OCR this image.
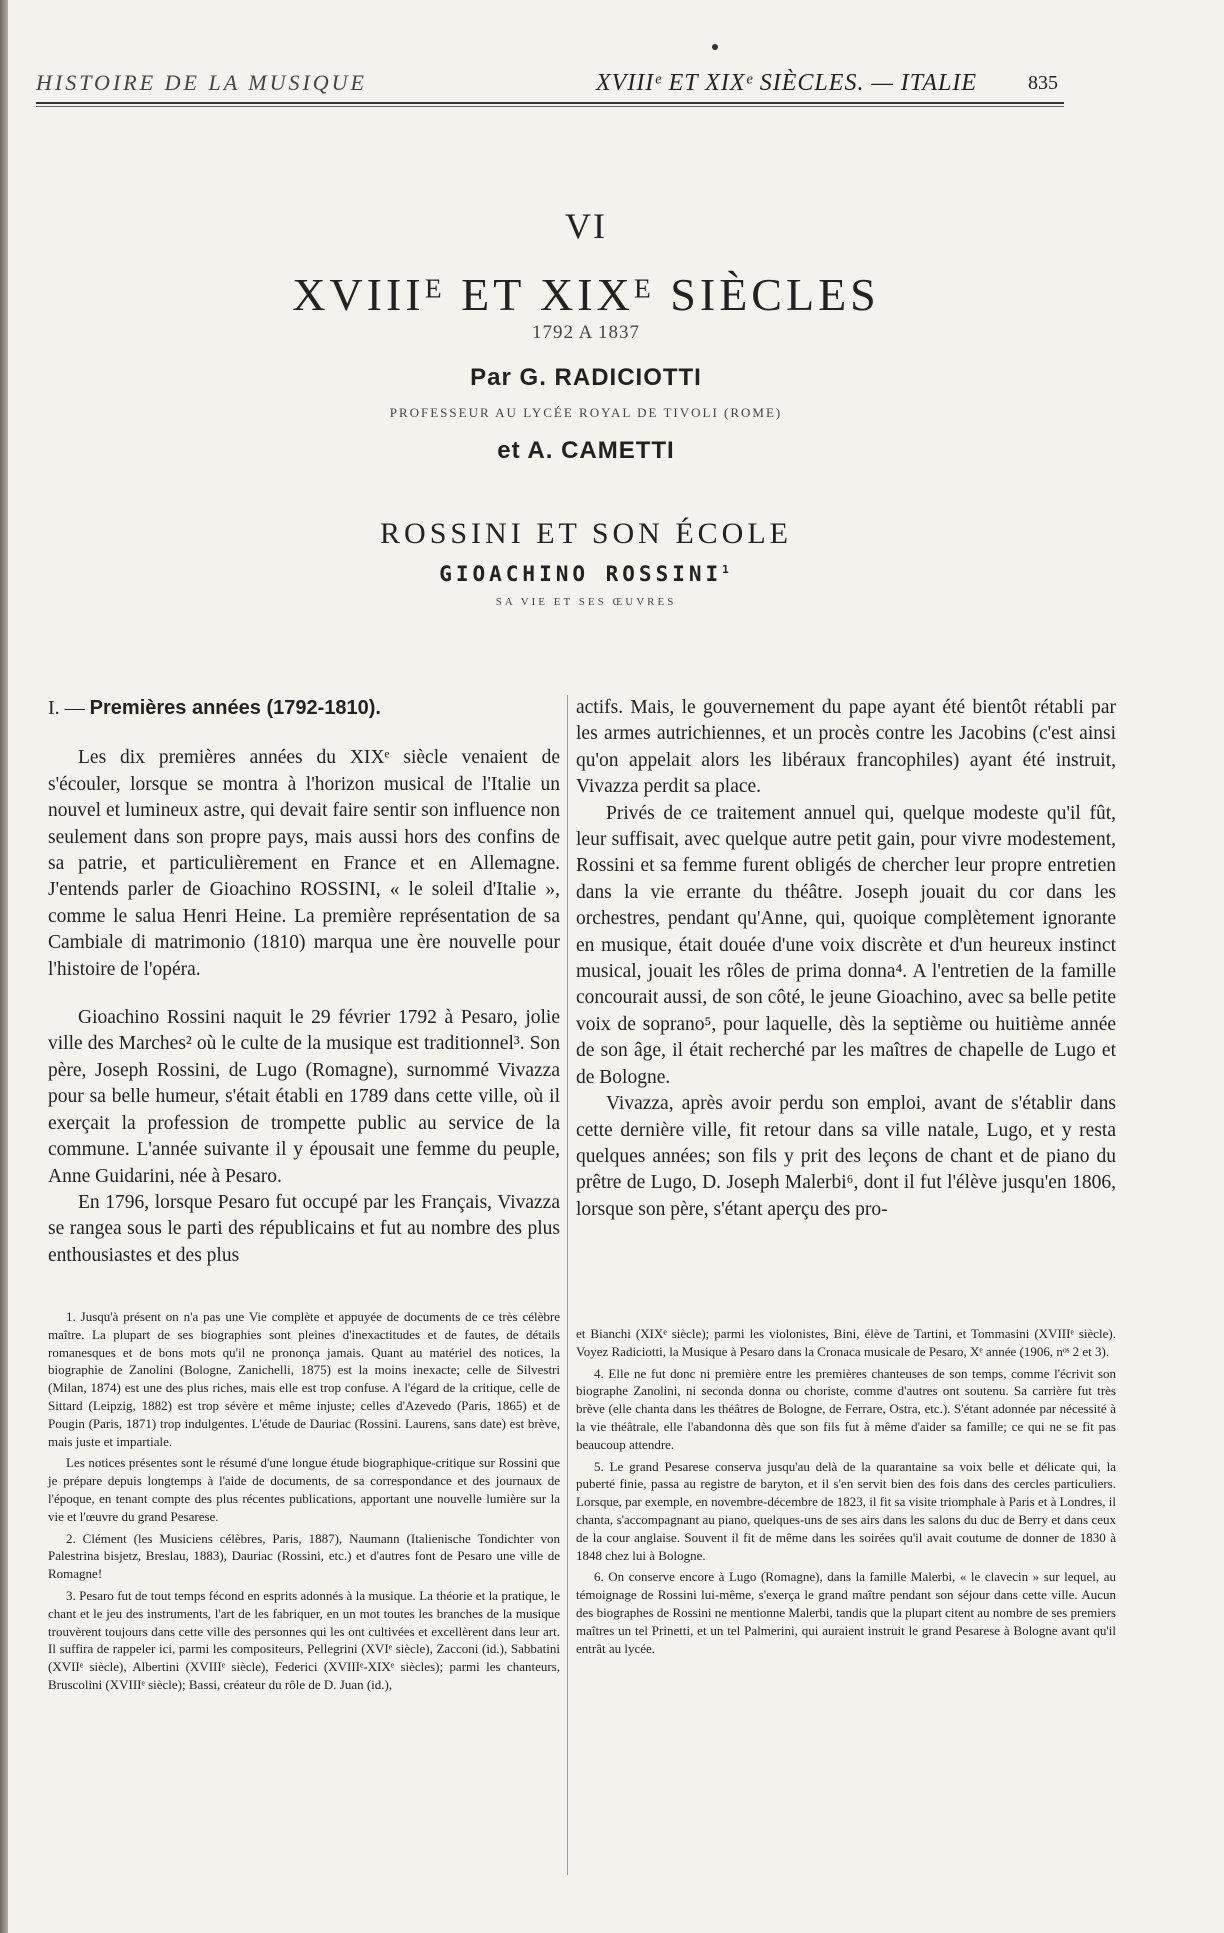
HISTOIRE DE LA MUSIQUE	XVIIIᵉ ET XIXᵉ SIÈCLES. — ITALIE	835
VI
XVIIIᴱ ET XIXᴱ SIÈCLES
1792 A 1837
Par G. RADICIOTTI
PROFESSEUR AU LYCÉE ROYAL DE TIVOLI (ROME)
et A. CAMETTI
ROSSINI ET SON ÉCOLE
GIOACHINO ROSSINI$^1$
SA VIE ET SES ŒUVRES
I. — Premières années (1792-1810).

Les dix premières années du XIXᵉ siècle venaient de s'écouler, lorsque se montra à l'horizon musical de l'Italie un nouvel et lumineux astre, qui devait faire sentir son influence non seulement dans son propre pays, mais aussi hors des confins de sa patrie, et particulièrement en France et en Allemagne. J'entends parler de Gioachino ROSSINI, « le soleil d'Italie », comme le salua Henri Heine. La première représentation de sa Cambiale di matrimonio (1810) marqua une ère nouvelle pour l'histoire de l'opéra.

Gioachino Rossini naquit le 29 février 1792 à Pesaro, jolie ville des Marches² où le culte de la musique est traditionnel³. Son père, Joseph Rossini, de Lugo (Romagne), surnommé Vivazza pour sa belle humeur, s'était établi en 1789 dans cette ville, où il exerçait la profession de trompette public au service de la commune. L'année suivante il y épousait une femme du peuple, Anne Guidarini, née à Pesaro.

En 1796, lorsque Pesaro fut occupé par les Français, Vivazza se rangea sous le parti des républicains et fut au nombre des plus enthousiastes et des plus

actifs. Mais, le gouvernement du pape ayant été bientôt rétabli par les armes autrichiennes, et un procès contre les Jacobins (c'est ainsi qu'on appelait alors les libéraux francophiles) ayant été instruit, Vivazza perdit sa place.

Privés de ce traitement annuel qui, quelque modeste qu'il fût, leur suffisait, avec quelque autre petit gain, pour vivre modestement, Rossini et sa femme furent obligés de chercher leur propre entretien dans la vie errante du théâtre. Joseph jouait du cor dans les orchestres, pendant qu'Anne, qui, quoique complètement ignorante en musique, était douée d'une voix discrète et d'un heureux instinct musical, jouait les rôles de prima donna⁴. A l'entretien de la famille concourait aussi, de son côté, le jeune Gioachino, avec sa belle petite voix de soprano⁵, pour laquelle, dès la septième ou huitième année de son âge, il était recherché par les maîtres de chapelle de Lugo et de Bologne.

Vivazza, après avoir perdu son emploi, avant de s'établir dans cette dernière ville, fit retour dans sa ville natale, Lugo, et y resta quelques années; son fils y prit des leçons de chant et de piano du prêtre de Lugo, D. Joseph Malerbi⁶, dont il fut l'élève jusqu'en 1806, lorsque son père, s'étant aperçu des pro-

1. Jusqu'à présent on n'a pas une Vie complète et appuyée de documents de ce très célèbre maître. La plupart de ses biographies sont pleines d'inexactitudes et de fautes, de détails romanesques et de bons mots qu'il ne prononça jamais. Quant au matériel des notices, la biographie de Zanolini (Bologne, Zanichelli, 1875) est la moins inexacte; celle de Silvestri (Milan, 1874) est une des plus riches, mais elle est trop confuse. A l'égard de la critique, celle de Sittard (Leipzig, 1882) est trop sévère et même injuste; celles d'Azevedo (Paris, 1865) et de Pougin (Paris, 1871) trop indulgentes. L'étude de Dauriac (Rossini. Laurens, sans date) est brève, mais juste et impartiale.

Les notices présentes sont le résumé d'une longue étude biographique-critique sur Rossini que je prépare depuis longtemps à l'aide de documents, de sa correspondance et des journaux de l'époque, en tenant compte des plus récentes publications, apportant une nouvelle lumière sur la vie et l'œuvre du grand Pesarese.

2. Clément (les Musiciens célèbres, Paris, 1887), Naumann (Italienische Tondichter von Palestrina bisjetz, Breslau, 1883), Dauriac (Rossini, etc.) et d'autres font de Pesaro une ville de Romagne!

3. Pesaro fut de tout temps fécond en esprits adonnés à la musique. La théorie et la pratique, le chant et le jeu des instruments, l'art de les fabriquer, en un mot toutes les branches de la musique trouvèrent toujours dans cette ville des personnes qui les ont cultivées et excellèrent dans leur art. Il suffira de rappeler ici, parmi les compositeurs, Pellegrini (XVIᵉ siècle), Zacconi (id.), Sabbatini (XVIIᵉ siècle), Albertini (XVIIIᵉ siècle), Federici (XVIIIᵉ-XIXᵉ siècles); parmi les chanteurs, Bruscolini (XVIIIᵉ siècle); Bassi, créateur du rôle de D. Juan (id.),

et Bianchi (XIXᵉ siècle); parmi les violonistes, Bini, élève de Tartini, et Tommasini (XVIIIᵉ siècle). Voyez Radiciotti, la Musique à Pesaro dans la Cronaca musicale de Pesaro, Xᵉ année (1906, nᵒˢ 2 et 3).

4. Elle ne fut donc ni première entre les premières chanteuses de son temps, comme l'écrivit son biographe Zanolini, ni seconda donna ou choriste, comme d'autres ont soutenu. Sa carrière fut très brève (elle chanta dans les théâtres de Bologne, de Ferrare, Ostra, etc.). S'étant adonnée par nécessité à la vie théâtrale, elle l'abandonna dès que son fils fut à même d'aider sa famille; ce qui ne se fit pas beaucoup attendre.

5. Le grand Pesarese conserva jusqu'au delà de la quarantaine sa voix belle et délicate qui, la puberté finie, passa au registre de baryton, et il s'en servit bien des fois dans des cercles particuliers. Lorsque, par exemple, en novembre-décembre de 1823, il fit sa visite triomphale à Paris et à Londres, il chanta, s'accompagnant au piano, quelques-uns de ses airs dans les salons du duc de Berry et dans ceux de la cour anglaise. Souvent il fit de même dans les soirées qu'il avait coutume de donner de 1830 à 1848 chez lui à Bologne.

6. On conserve encore à Lugo (Romagne), dans la famille Malerbi, « le clavecin » sur lequel, au témoignage de Rossini lui-même, s'exerça le grand maître pendant son séjour dans cette ville. Aucun des biographes de Rossini ne mentionne Malerbi, tandis que la plupart citent au nombre de ses premiers maîtres un tel Prinetti, et un tel Palmerini, qui auraient instruit le grand Pesarese à Bologne avant qu'il entrât au lycée.
